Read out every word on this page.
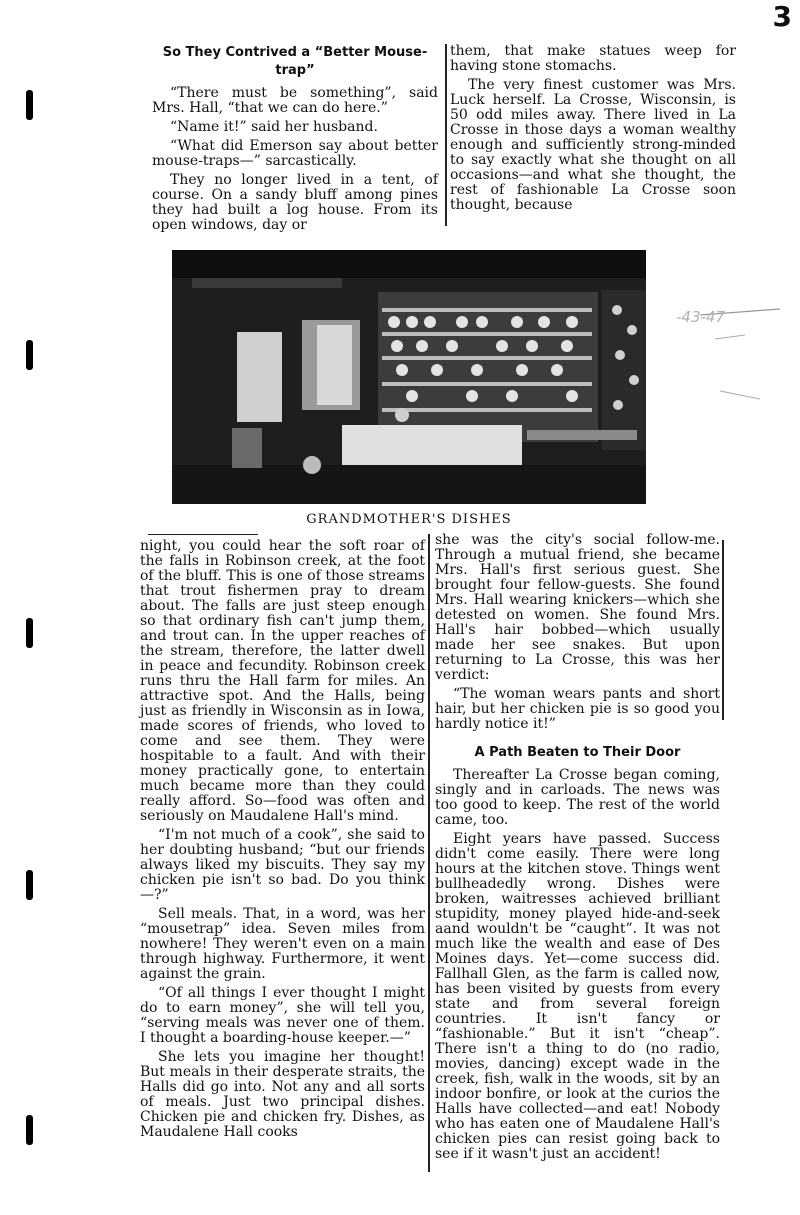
3
So They Contrived a “Better Mouse-trap”

“There must be something”, said Mrs. Hall, “that we can do here.”

“Name it!” said her husband.

“What did Emerson say about better mouse-traps—” sarcastically.

They no longer lived in a tent, of course. On a sandy bluff among pines they had built a log house. From its open windows, day or

them, that make statues weep for having stone stomachs.

The very finest customer was Mrs. Luck herself. La Crosse, Wisconsin, is 50 odd miles away. There lived in La Crosse in those days a woman wealthy enough and sufficiently strong-minded to say exactly what she thought on all occasions—and what she thought, the rest of fashionable La Crosse soon thought, because

GRANDMOTHER'S DISHES
-43-47

night, you could hear the soft roar of the falls in Robinson creek, at the foot of the bluff. This is one of those streams that trout fishermen pray to dream about. The falls are just steep enough so that ordinary fish can't jump them, and trout can. In the upper reaches of the stream, therefore, the latter dwell in peace and fecundity. Robinson creek runs thru the Hall farm for miles. An attractive spot. And the Halls, being just as friendly in Wisconsin as in Iowa, made scores of friends, who loved to come and see them. They were hospitable to a fault. And with their money practically gone, to entertain much became more than they could really afford. So—food was often and seriously on Maudalene Hall's mind.

“I'm not much of a cook”, she said to her doubting husband; “but our friends always liked my biscuits. They say my chicken pie isn't so bad. Do you think—?”

Sell meals. That, in a word, was her “mousetrap” idea. Seven miles from nowhere! They weren't even on a main through highway. Furthermore, it went against the grain.

“Of all things I ever thought I might do to earn money”, she will tell you, “serving meals was never one of them. I thought a boarding-house keeper.—”

She lets you imagine her thought! But meals in their desperate straits, the Halls did go into. Not any and all sorts of meals. Just two principal dishes. Chicken pie and chicken fry. Dishes, as Maudalene Hall cooks

she was the city's social follow-me. Through a mutual friend, she became Mrs. Hall's first serious guest. She brought four fellow-guests. She found Mrs. Hall wearing knickers—which she detested on women. She found Mrs. Hall's hair bobbed—which usually made her see snakes. But upon returning to La Crosse, this was her verdict:

“The woman wears pants and short hair, but her chicken pie is so good you hardly notice it!”

A Path Beaten to Their Door

Thereafter La Crosse began coming, singly and in carloads. The news was too good to keep. The rest of the world came, too.

Eight years have passed. Success didn't come easily. There were long hours at the kitchen stove. Things went bullheadedly wrong. Dishes were broken, waitresses achieved brilliant stupidity, money played hide-and-seek aand wouldn't be “caught”. It was not much like the wealth and ease of Des Moines days. Yet—come success did. Fallhall Glen, as the farm is called now, has been visited by guests from every state and from several foreign countries. It isn't fancy or “fashionable.” But it isn't “cheap”. There isn't a thing to do (no radio, movies, dancing) except wade in the creek, fish, walk in the woods, sit by an indoor bonfire, or look at the curios the Halls have collected—and eat! Nobody who has eaten one of Maudalene Hall's chicken pies can resist going back to see if it wasn't just an accident!
